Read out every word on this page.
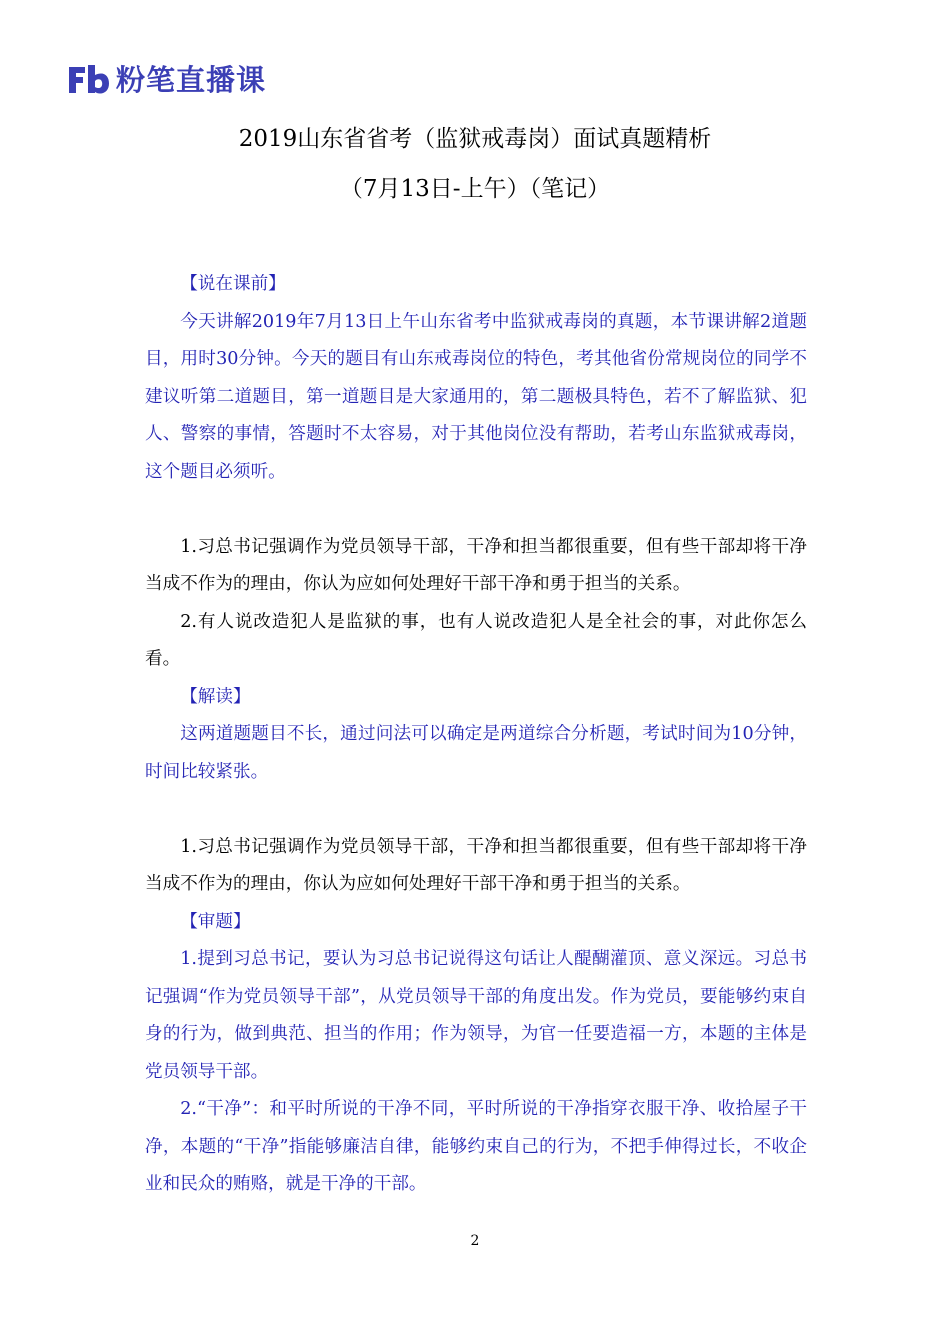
粉笔直播课
2019山东省省考（监狱戒毒岗）面试真题精析
（7月13日-上午）（笔记）

【说在课前】

今天讲解2019年7月13日上午山东省考中监狱戒毒岗的真题，本节课讲解2道题目，用时30分钟。今天的题目有山东戒毒岗位的特色，考其他省份常规岗位的同学不建议听第二道题目，第一道题目是大家通用的，第二题极具特色，若不了解监狱、犯人、警察的事情，答题时不太容易，对于其他岗位没有帮助，若考山东监狱戒毒岗，这个题目必须听。

1.习总书记强调作为党员领导干部，干净和担当都很重要，但有些干部却将干净当成不作为的理由，你认为应如何处理好干部干净和勇于担当的关系。

2.有人说改造犯人是监狱的事，也有人说改造犯人是全社会的事，对此你怎么看。

【解读】

这两道题题目不长，通过问法可以确定是两道综合分析题，考试时间为10分钟，时间比较紧张。

1.习总书记强调作为党员领导干部，干净和担当都很重要，但有些干部却将干净当成不作为的理由，你认为应如何处理好干部干净和勇于担当的关系。

【审题】

1.提到习总书记，要认为习总书记说得这句话让人醍醐灌顶、意义深远。习总书记强调“作为党员领导干部”，从党员领导干部的角度出发。作为党员，要能够约束自身的行为，做到典范、担当的作用；作为领导，为官一任要造福一方，本题的主体是党员领导干部。

2.“干净”：和平时所说的干净不同，平时所说的干净指穿衣服干净、收拾屋子干净，本题的“干净”指能够廉洁自律，能够约束自己的行为，不把手伸得过长，不收企业和民众的贿赂，就是干净的干部。

2
